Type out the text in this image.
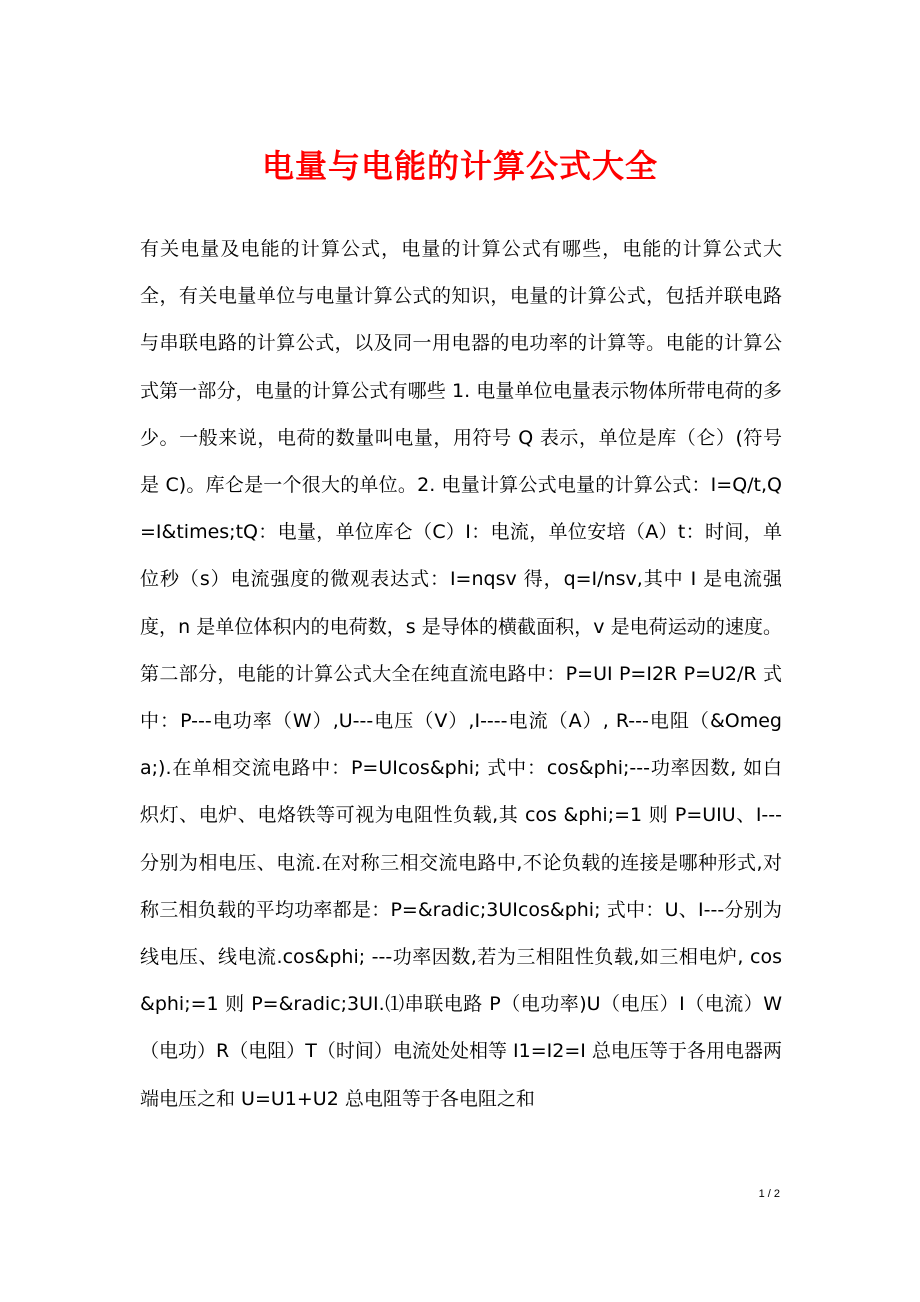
电量与电能的计算公式大全
有关电量及电能的计算公式，电量的计算公式有哪些，电能的计算公式大全，有关电量单位与电量计算公式的知识，电量的计算公式，包括并联电路与串联电路的计算公式，以及同一用电器的电功率的计算等。电能的计算公式第一部分，电量的计算公式有哪些 1. 电量单位电量表示物体所带电荷的多少。一般来说，电荷的数量叫电量，用符号 Q 表示，单位是库（仑）(符号是 C)。库仑是一个很大的单位。2. 电量计算公式电量的计算公式：I=Q/t,Q=I&times;tQ：电量，单位库仑（C）I：电流，单位安培（A）t：时间，单位秒（s）电流强度的微观表达式：I=nqsv 得，q=I/nsv,其中 I 是电流强度，n 是单位体积内的电荷数，s 是导体的横截面积，v 是电荷运动的速度。第二部分，电能的计算公式大全在纯直流电路中：P=UI P=I2R P=U2/R 式中：P---电功率（W）,U---电压（V）,I----电流（A）, R---电阻（&Omega;).在单相交流电路中：P=UIcos&phi; 式中：cos&phi;---功率因数, 如白炽灯、电炉、电烙铁等可视为电阻性负载,其 cos &phi;=1 则 P=UIU、I---分别为相电压、电流.在对称三相交流电路中,不论负载的连接是哪种形式,对称三相负载的平均功率都是：P=&radic;3UIcos&phi; 式中：U、I---分别为线电压、线电流.cos&phi; ---功率因数,若为三相阻性负载,如三相电炉, cos&phi;=1 则 P=&radic;3UI.⑴串联电路 P（电功率)U（电压）I（电流）W（电功）R（电阻）T（时间）电流处处相等 I1=I2=I 总电压等于各用电器两端电压之和 U=U1+U2 总电阻等于各电阻之和
1 / 2
